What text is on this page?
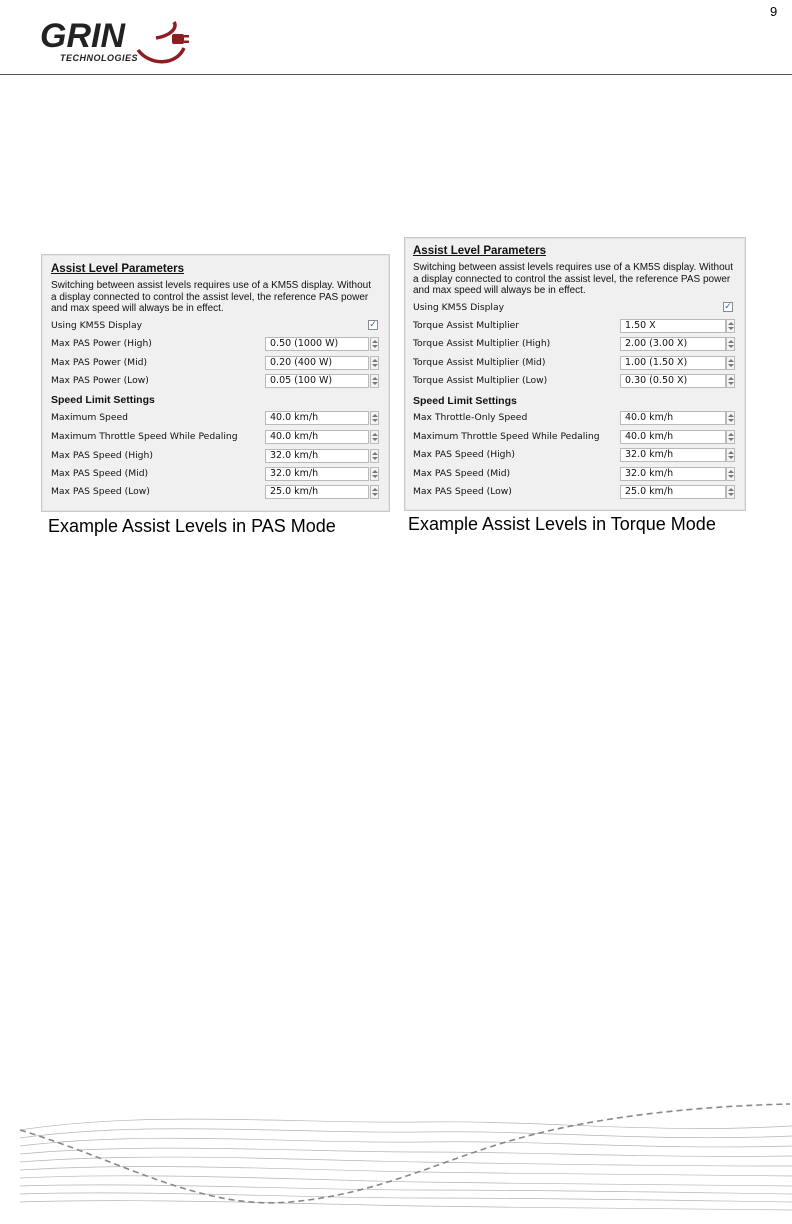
GRIN
TECHNOLOGIES
9
Assist Level Parameters
Switching between assist levels requires use of a KM5S display. Without
a display connected to control the assist level, the reference PAS power
and max speed will always be in effect.
Using KM5S Display	✓
Max PAS Power (High)	0.50 (1000 W)
Max PAS Power (Mid)	0.20 (400 W)
Max PAS Power (Low)	0.05 (100 W)
Speed Limit Settings
Maximum Speed	40.0 km/h
Maximum Throttle Speed While Pedaling	40.0 km/h
Max PAS Speed (High)	32.0 km/h
Max PAS Speed (Mid)	32.0 km/h
Max PAS Speed (Low)	25.0 km/h
Example Assist Levels in PAS Mode
Assist Level Parameters
Switching between assist levels requires use of a KM5S display. Without
a display connected to control the assist level, the reference PAS power
and max speed will always be in effect.
Using KM5S Display	✓
Torque Assist Multiplier	1.50 X
Torque Assist Multiplier (High)	2.00 (3.00 X)
Torque Assist Multiplier (Mid)	1.00 (1.50 X)
Torque Assist Multiplier (Low)	0.30 (0.50 X)
Speed Limit Settings
Max Throttle-Only Speed	40.0 km/h
Maximum Throttle Speed While Pedaling	40.0 km/h
Max PAS Speed (High)	32.0 km/h
Max PAS Speed (Mid)	32.0 km/h
Max PAS Speed (Low)	25.0 km/h
Example Assist Levels in Torque Mode
